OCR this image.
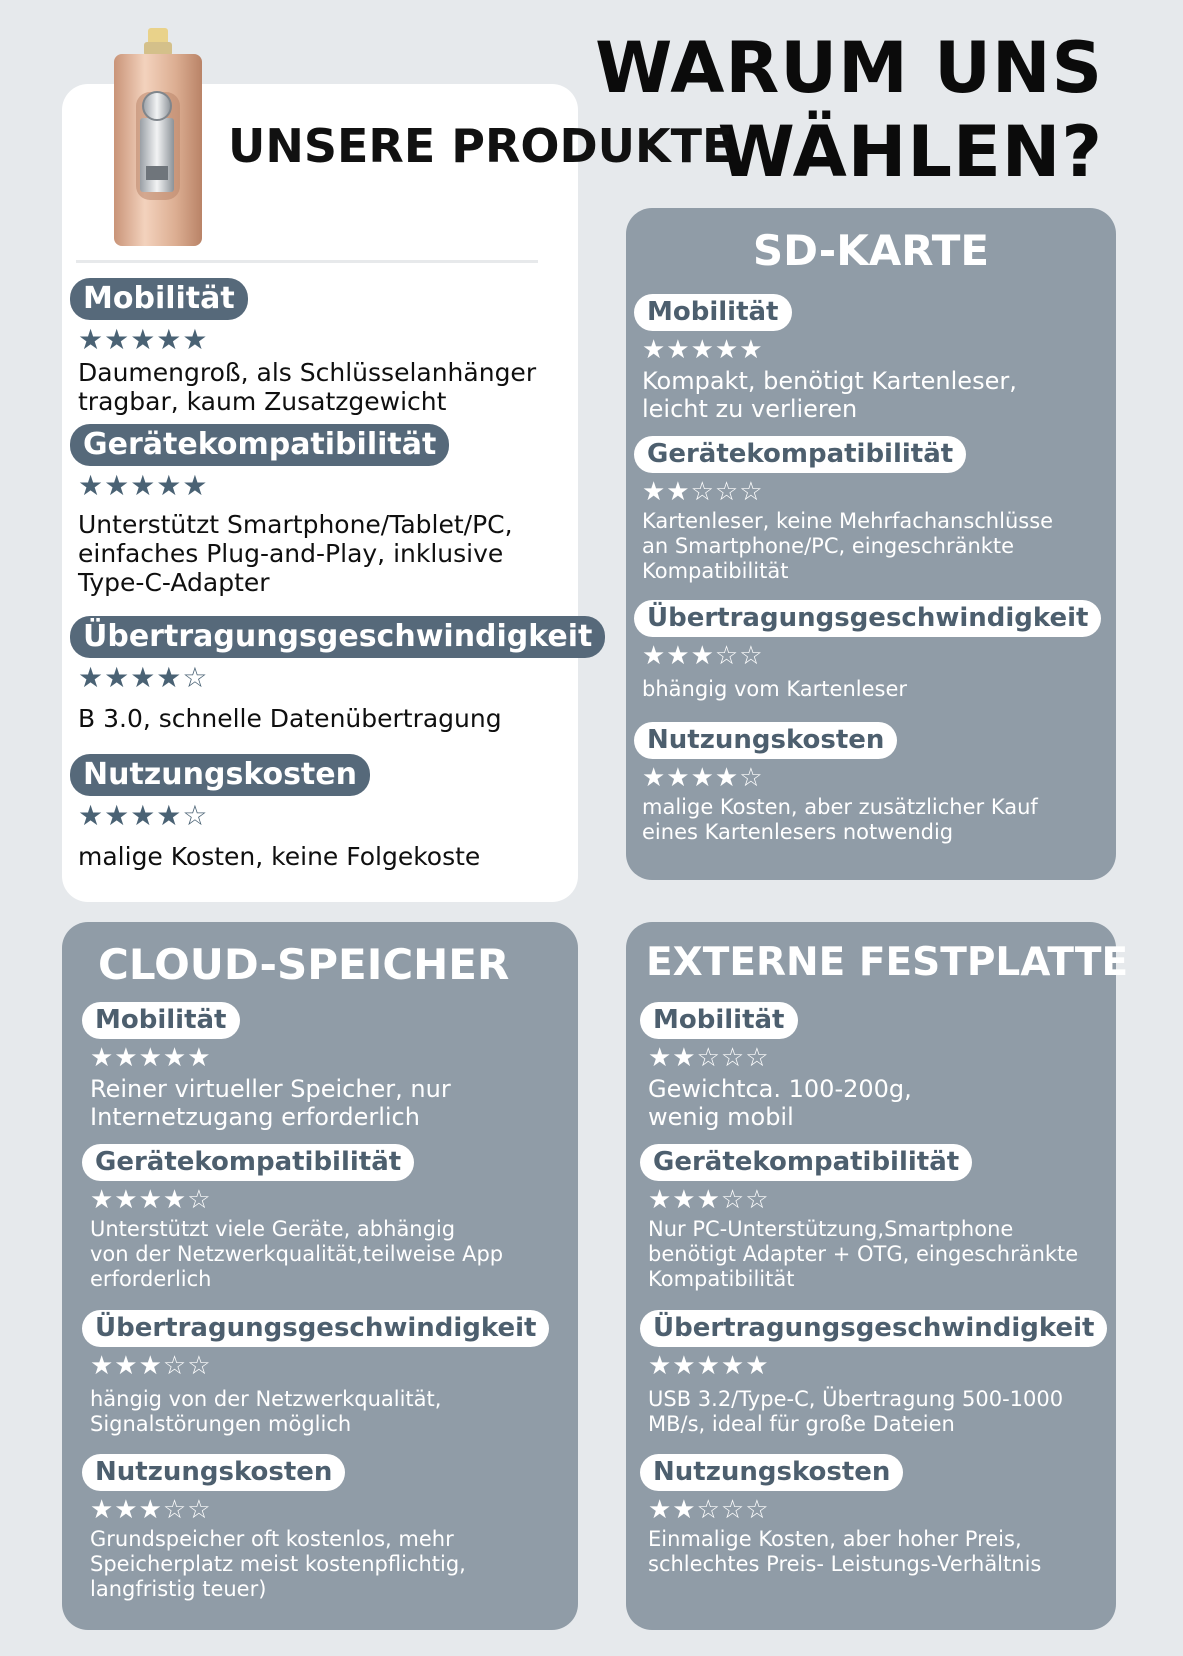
WARUM UNS WÄHLEN?
Mobilität
★★★★★
Daumengroß, als Schlüsselanhänger
tragbar, kaum Zusatzgewicht
Gerätekompatibilität
★★★★★
Unterstützt Smartphone/Tablet/PC,
einfaches Plug-and-Play, inklusive
Type-C-Adapter
Übertragungsgeschwindigkeit
★★★★☆
B 3.0, schnelle Datenübertragung
Nutzungskosten
★★★★☆
malige Kosten, keine Folgekoste
UNSERE PRODUKTE
SD-KARTE
Mobilität
★★★★★
Kompakt, benötigt Kartenleser,
leicht zu verlieren
Gerätekompatibilität
★★☆☆☆
Kartenleser, keine Mehrfachanschlüsse
an Smartphone/PC, eingeschränkte
Kompatibilität
Übertragungsgeschwindigkeit
★★★☆☆
bhängig vom Kartenleser
Nutzungskosten
★★★★☆
malige Kosten, aber zusätzlicher Kauf
eines Kartenlesers notwendig
CLOUD-SPEICHER
Mobilität
★★★★★
Reiner virtueller Speicher, nur
Internetzugang erforderlich
Gerätekompatibilität
★★★★☆
Unterstützt viele Geräte, abhängig
von der Netzwerkqualität,teilweise App
erforderlich
Übertragungsgeschwindigkeit
★★★☆☆
hängig von der Netzwerkqualität,
Signalstörungen möglich
Nutzungskosten
★★★☆☆
Grundspeicher oft kostenlos, mehr
Speicherplatz meist kostenpflichtig,
langfristig teuer)
EXTERNE FESTPLATTE
Mobilität
★★☆☆☆
Gewichtca. 100-200g,
wenig mobil
Gerätekompatibilität
★★★☆☆
Nur PC-Unterstützung,Smartphone
benötigt Adapter + OTG, eingeschränkte
Kompatibilität
Übertragungsgeschwindigkeit
★★★★★
USB 3.2/Type-C, Übertragung 500-1000
MB/s, ideal für große Dateien
Nutzungskosten
★★☆☆☆
Einmalige Kosten, aber hoher Preis,
schlechtes Preis- Leistungs-Verhältnis
